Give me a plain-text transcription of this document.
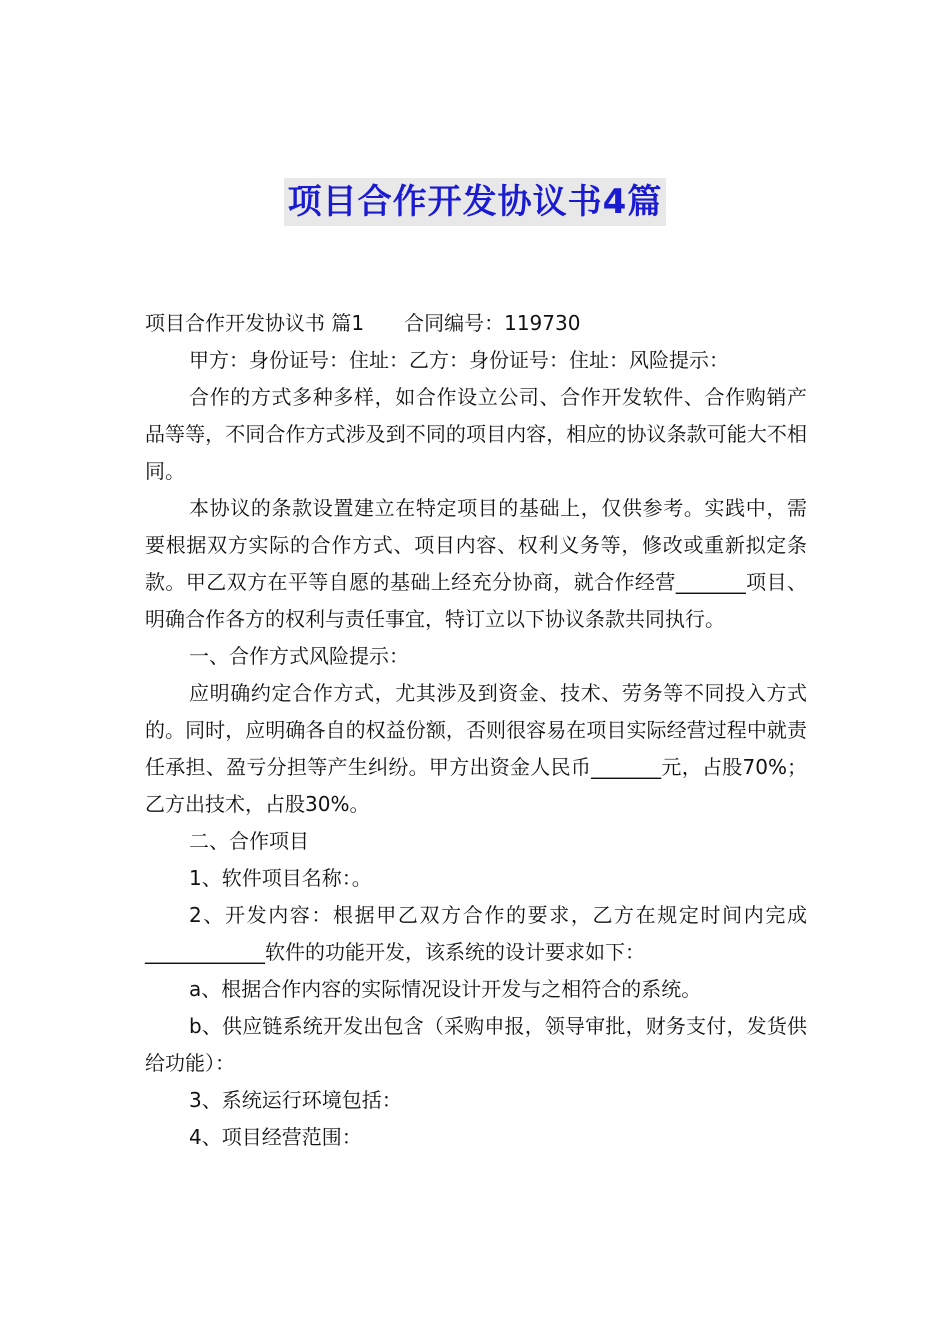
项目合作开发协议书4篇

项目合作开发协议书 篇1 合同编号：119730

甲方：身份证号：住址：乙方：身份证号：住址：风险提示：

合作的方式多种多样，如合作设立公司、合作开发软件、合作购销产品等等，不同合作方式涉及到不同的项目内容，相应的协议条款可能大不相同。

本协议的条款设置建立在特定项目的基础上，仅供参考。实践中，需要根据双方实际的合作方式、项目内容、权利义务等，修改或重新拟定条款。甲乙双方在平等自愿的基础上经充分协商，就合作经营_______项目、明确合作各方的权利与责任事宜，特订立以下协议条款共同执行。

一、合作方式风险提示：

应明确约定合作方式，尤其涉及到资金、技术、劳务等不同投入方式的。同时，应明确各自的权益份额，否则很容易在项目实际经营过程中就责任承担、盈亏分担等产生纠纷。甲方出资金人民币_______元，占股70%；乙方出技术，占股30%。

二、合作项目

1、软件项目名称：。

2、开发内容：根据甲乙双方合作的要求，乙方在规定时间内完成____________软件的功能开发，该系统的设计要求如下：

a、根据合作内容的实际情况设计开发与之相符合的系统。

b、供应链系统开发出包含（采购申报，领导审批，财务支付，发货供给功能）：

3、系统运行环境包括：

4、项目经营范围：
